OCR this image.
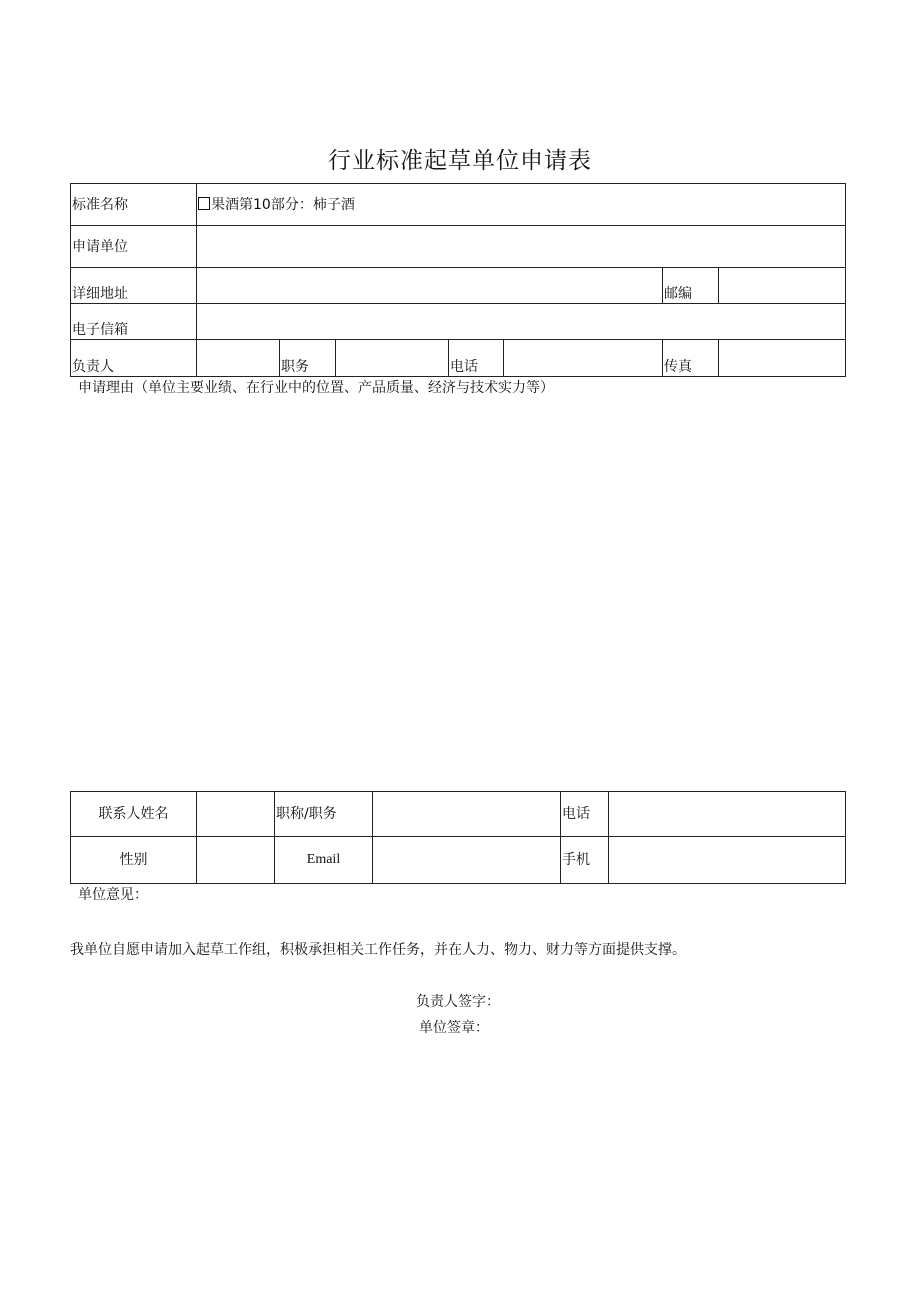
行业标准起草单位申请表
标准名称	果酒第10部分：柿子酒						
申请单位							
详细地址						邮编	
电子信箱							
负责人		职务		电话		传真	
申请理由（单位主要业绩、在行业中的位置、产品质量、经济与技术实力等）
联系人姓名		职称/职务		电话	
性别		Email		手机	
单位意见：
我单位自愿申请加入起草工作组，积极承担相关工作任务，并在人力、物力、财力等方面提供支撑。
负责人签字：
单位签章：
